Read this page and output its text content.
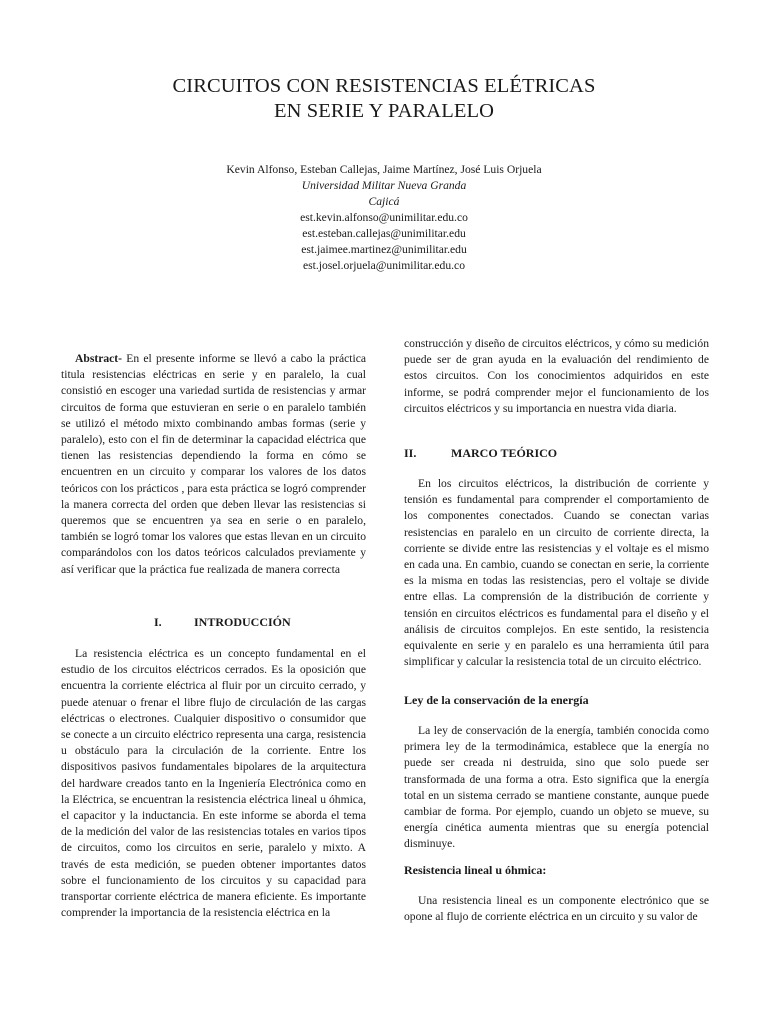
CIRCUITOS CON RESISTENCIAS ELÉTRICAS
EN SERIE Y PARALELO
Kevin Alfonso, Esteban Callejas, Jaime Martínez, José Luis Orjuela
Universidad Militar Nueva Granda
Cajicá
est.kevin.alfonso@unimilitar.edu.co
est.esteban.callejas@unimilitar.edu
est.jaimee.martinez@unimilitar.edu
est.josel.orjuela@unimilitar.edu.co
Abstract- En el presente informe se llevó a cabo la práctica titula resistencias eléctricas en serie y en paralelo, la cual consistió en escoger una variedad surtida de resistencias y armar circuitos de forma que estuvieran en serie o en paralelo también se utilizó el método mixto combinando ambas formas (serie y paralelo), esto con el fin de determinar la capacidad eléctrica que tienen las resistencias dependiendo la forma en cómo se encuentren en un circuito y comparar los valores de los datos teóricos con los prácticos , para esta práctica se logró comprender la manera correcta del orden que deben llevar las resistencias si queremos que se encuentren ya sea en serie o en paralelo, también se logró tomar los valores que estas llevan en un circuito comparándolos con los datos teóricos calculados previamente y así verificar que la práctica fue realizada de manera correcta
I.	INTRODUCCIÓN
La resistencia eléctrica es un concepto fundamental en el estudio de los circuitos eléctricos cerrados. Es la oposición que encuentra la corriente eléctrica al fluir por un circuito cerrado, y puede atenuar o frenar el libre flujo de circulación de las cargas eléctricas o electrones. Cualquier dispositivo o consumidor que se conecte a un circuito eléctrico representa una carga, resistencia u obstáculo para la circulación de la corriente. Entre los dispositivos pasivos fundamentales bipolares de la arquitectura del hardware creados tanto en la Ingeniería Electrónica como en la Eléctrica, se encuentran la resistencia eléctrica lineal u óhmica, el capacitor y la inductancia. En este informe se aborda el tema de la medición del valor de las resistencias totales en varios tipos de circuitos, como los circuitos en serie, paralelo y mixto. A través de esta medición, se pueden obtener importantes datos sobre el funcionamiento de los circuitos y su capacidad para transportar corriente eléctrica de manera eficiente. Es importante comprender la importancia de la resistencia eléctrica en la
construcción y diseño de circuitos eléctricos, y cómo su medición puede ser de gran ayuda en la evaluación del rendimiento de estos circuitos. Con los conocimientos adquiridos en este informe, se podrá comprender mejor el funcionamiento de los circuitos eléctricos y su importancia en nuestra vida diaria.
II.	MARCO TEÓRICO
En los circuitos eléctricos, la distribución de corriente y tensión es fundamental para comprender el comportamiento de los componentes conectados. Cuando se conectan varias resistencias en paralelo en un circuito de corriente directa, la corriente se divide entre las resistencias y el voltaje es el mismo en cada una. En cambio, cuando se conectan en serie, la corriente es la misma en todas las resistencias, pero el voltaje se divide entre ellas. La comprensión de la distribución de corriente y tensión en circuitos eléctricos es fundamental para el diseño y el análisis de circuitos complejos. En este sentido, la resistencia equivalente en serie y en paralelo es una herramienta útil para simplificar y calcular la resistencia total de un circuito eléctrico.
Ley de la conservación de la energía
La ley de conservación de la energía, también conocida como primera ley de la termodinámica, establece que la energía no puede ser creada ni destruida, sino que solo puede ser transformada de una forma a otra. Esto significa que la energía total en un sistema cerrado se mantiene constante, aunque puede cambiar de forma. Por ejemplo, cuando un objeto se mueve, su energía cinética aumenta mientras que su energía potencial disminuye.
Resistencia lineal u óhmica:
Una resistencia lineal es un componente electrónico que se opone al flujo de corriente eléctrica en un circuito y su valor de
